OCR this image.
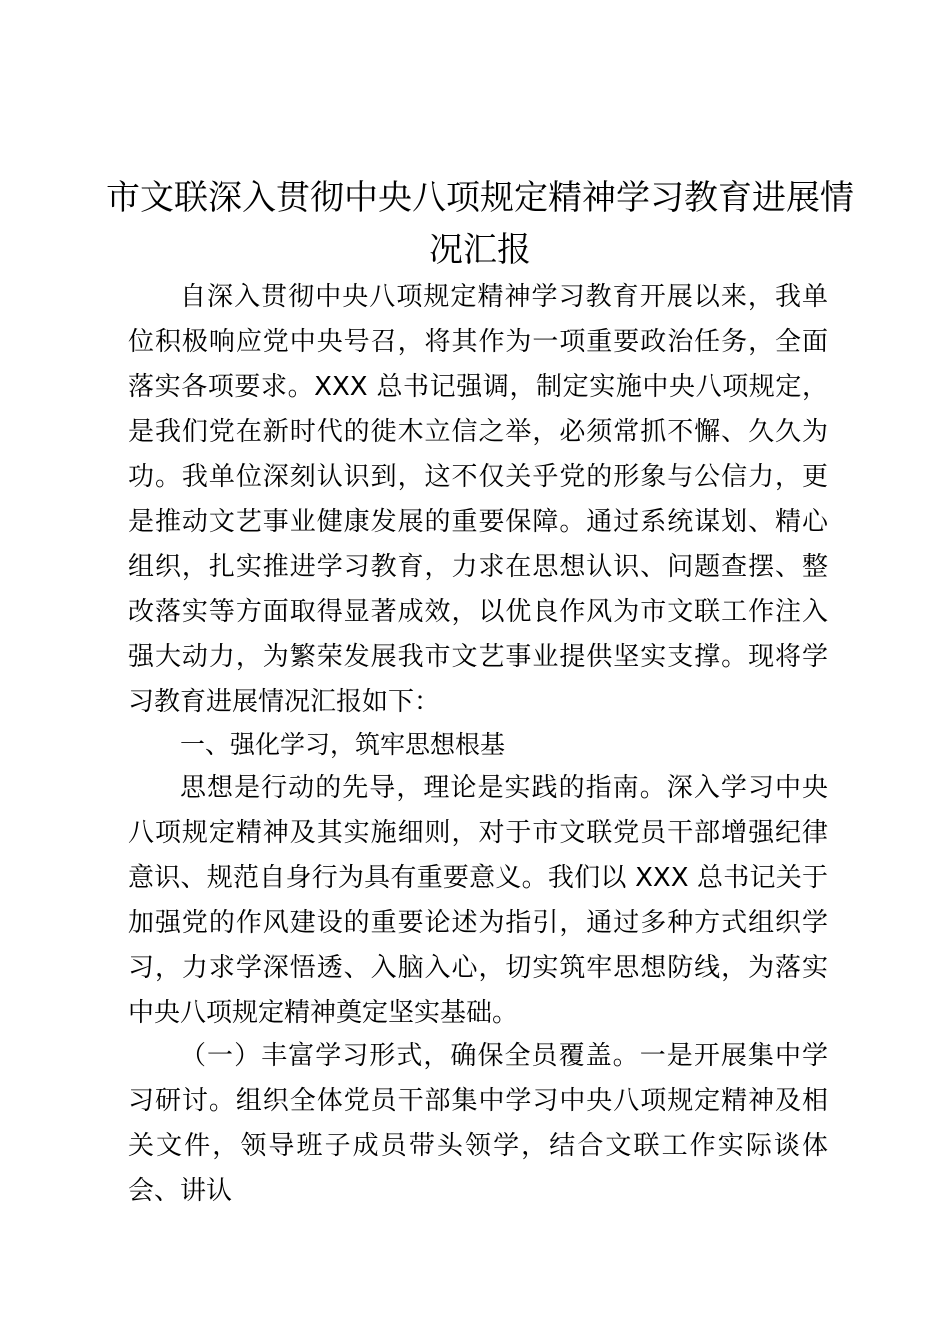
市文联深入贯彻中央八项规定精神学习教育进展情况汇报

自深入贯彻中央八项规定精神学习教育开展以来，我单位积极响应党中央号召，将其作为一项重要政治任务，全面落实各项要求。XXX 总书记强调，制定实施中央八项规定，是我们党在新时代的徙木立信之举，必须常抓不懈、久久为功。我单位深刻认识到，这不仅关乎党的形象与公信力，更是推动文艺事业健康发展的重要保障。通过系统谋划、精心组织，扎实推进学习教育，力求在思想认识、问题查摆、整改落实等方面取得显著成效，以优良作风为市文联工作注入强大动力，为繁荣发展我市文艺事业提供坚实支撑。现将学习教育进展情况汇报如下：

一、强化学习，筑牢思想根基

思想是行动的先导，理论是实践的指南。深入学习中央八项规定精神及其实施细则，对于市文联党员干部增强纪律意识、规范自身行为具有重要意义。我们以 XXX 总书记关于加强党的作风建设的重要论述为指引，通过多种方式组织学习，力求学深悟透、入脑入心，切实筑牢思想防线，为落实中央八项规定精神奠定坚实基础。

（一）丰富学习形式，确保全员覆盖。一是开展集中学习研讨。组织全体党员干部集中学习中央八项规定精神及相关文件，领导班子成员带头领学，结合文联工作实际谈体会、讲认
